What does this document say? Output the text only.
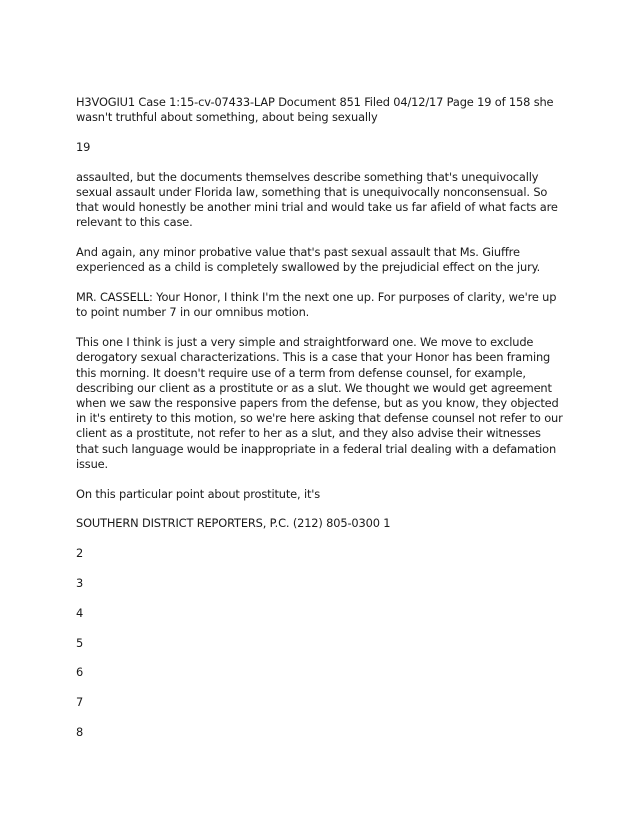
H3VOGIU1 Case 1:15-cv-07433-LAP Document 851 Filed 04/12/17 Page 19 of 158 she wasn't truthful about something, about being sexually

19

assaulted, but the documents themselves describe something that's unequivocally sexual assault under Florida law, something that is unequivocally nonconsensual. So that would honestly be another mini trial and would take us far afield of what facts are relevant to this case.

And again, any minor probative value that's past sexual assault that Ms. Giuffre experienced as a child is completely swallowed by the prejudicial effect on the jury.

MR. CASSELL: Your Honor, I think I'm the next one up. For purposes of clarity, we're up to point number 7 in our omnibus motion.

This one I think is just a very simple and straightforward one. We move to exclude derogatory sexual characterizations. This is a case that your Honor has been framing this morning. It doesn't require use of a term from defense counsel, for example, describing our client as a prostitute or as a slut. We thought we would get agreement when we saw the responsive papers from the defense, but as you know, they objected in it's entirety to this motion, so we're here asking that defense counsel not refer to our client as a prostitute, not refer to her as a slut, and they also advise their witnesses that such language would be inappropriate in a federal trial dealing with a defamation issue.

On this particular point about prostitute, it's

SOUTHERN DISTRICT REPORTERS, P.C. (212) 805-0300 1

2

3

4

5

6

7

8
